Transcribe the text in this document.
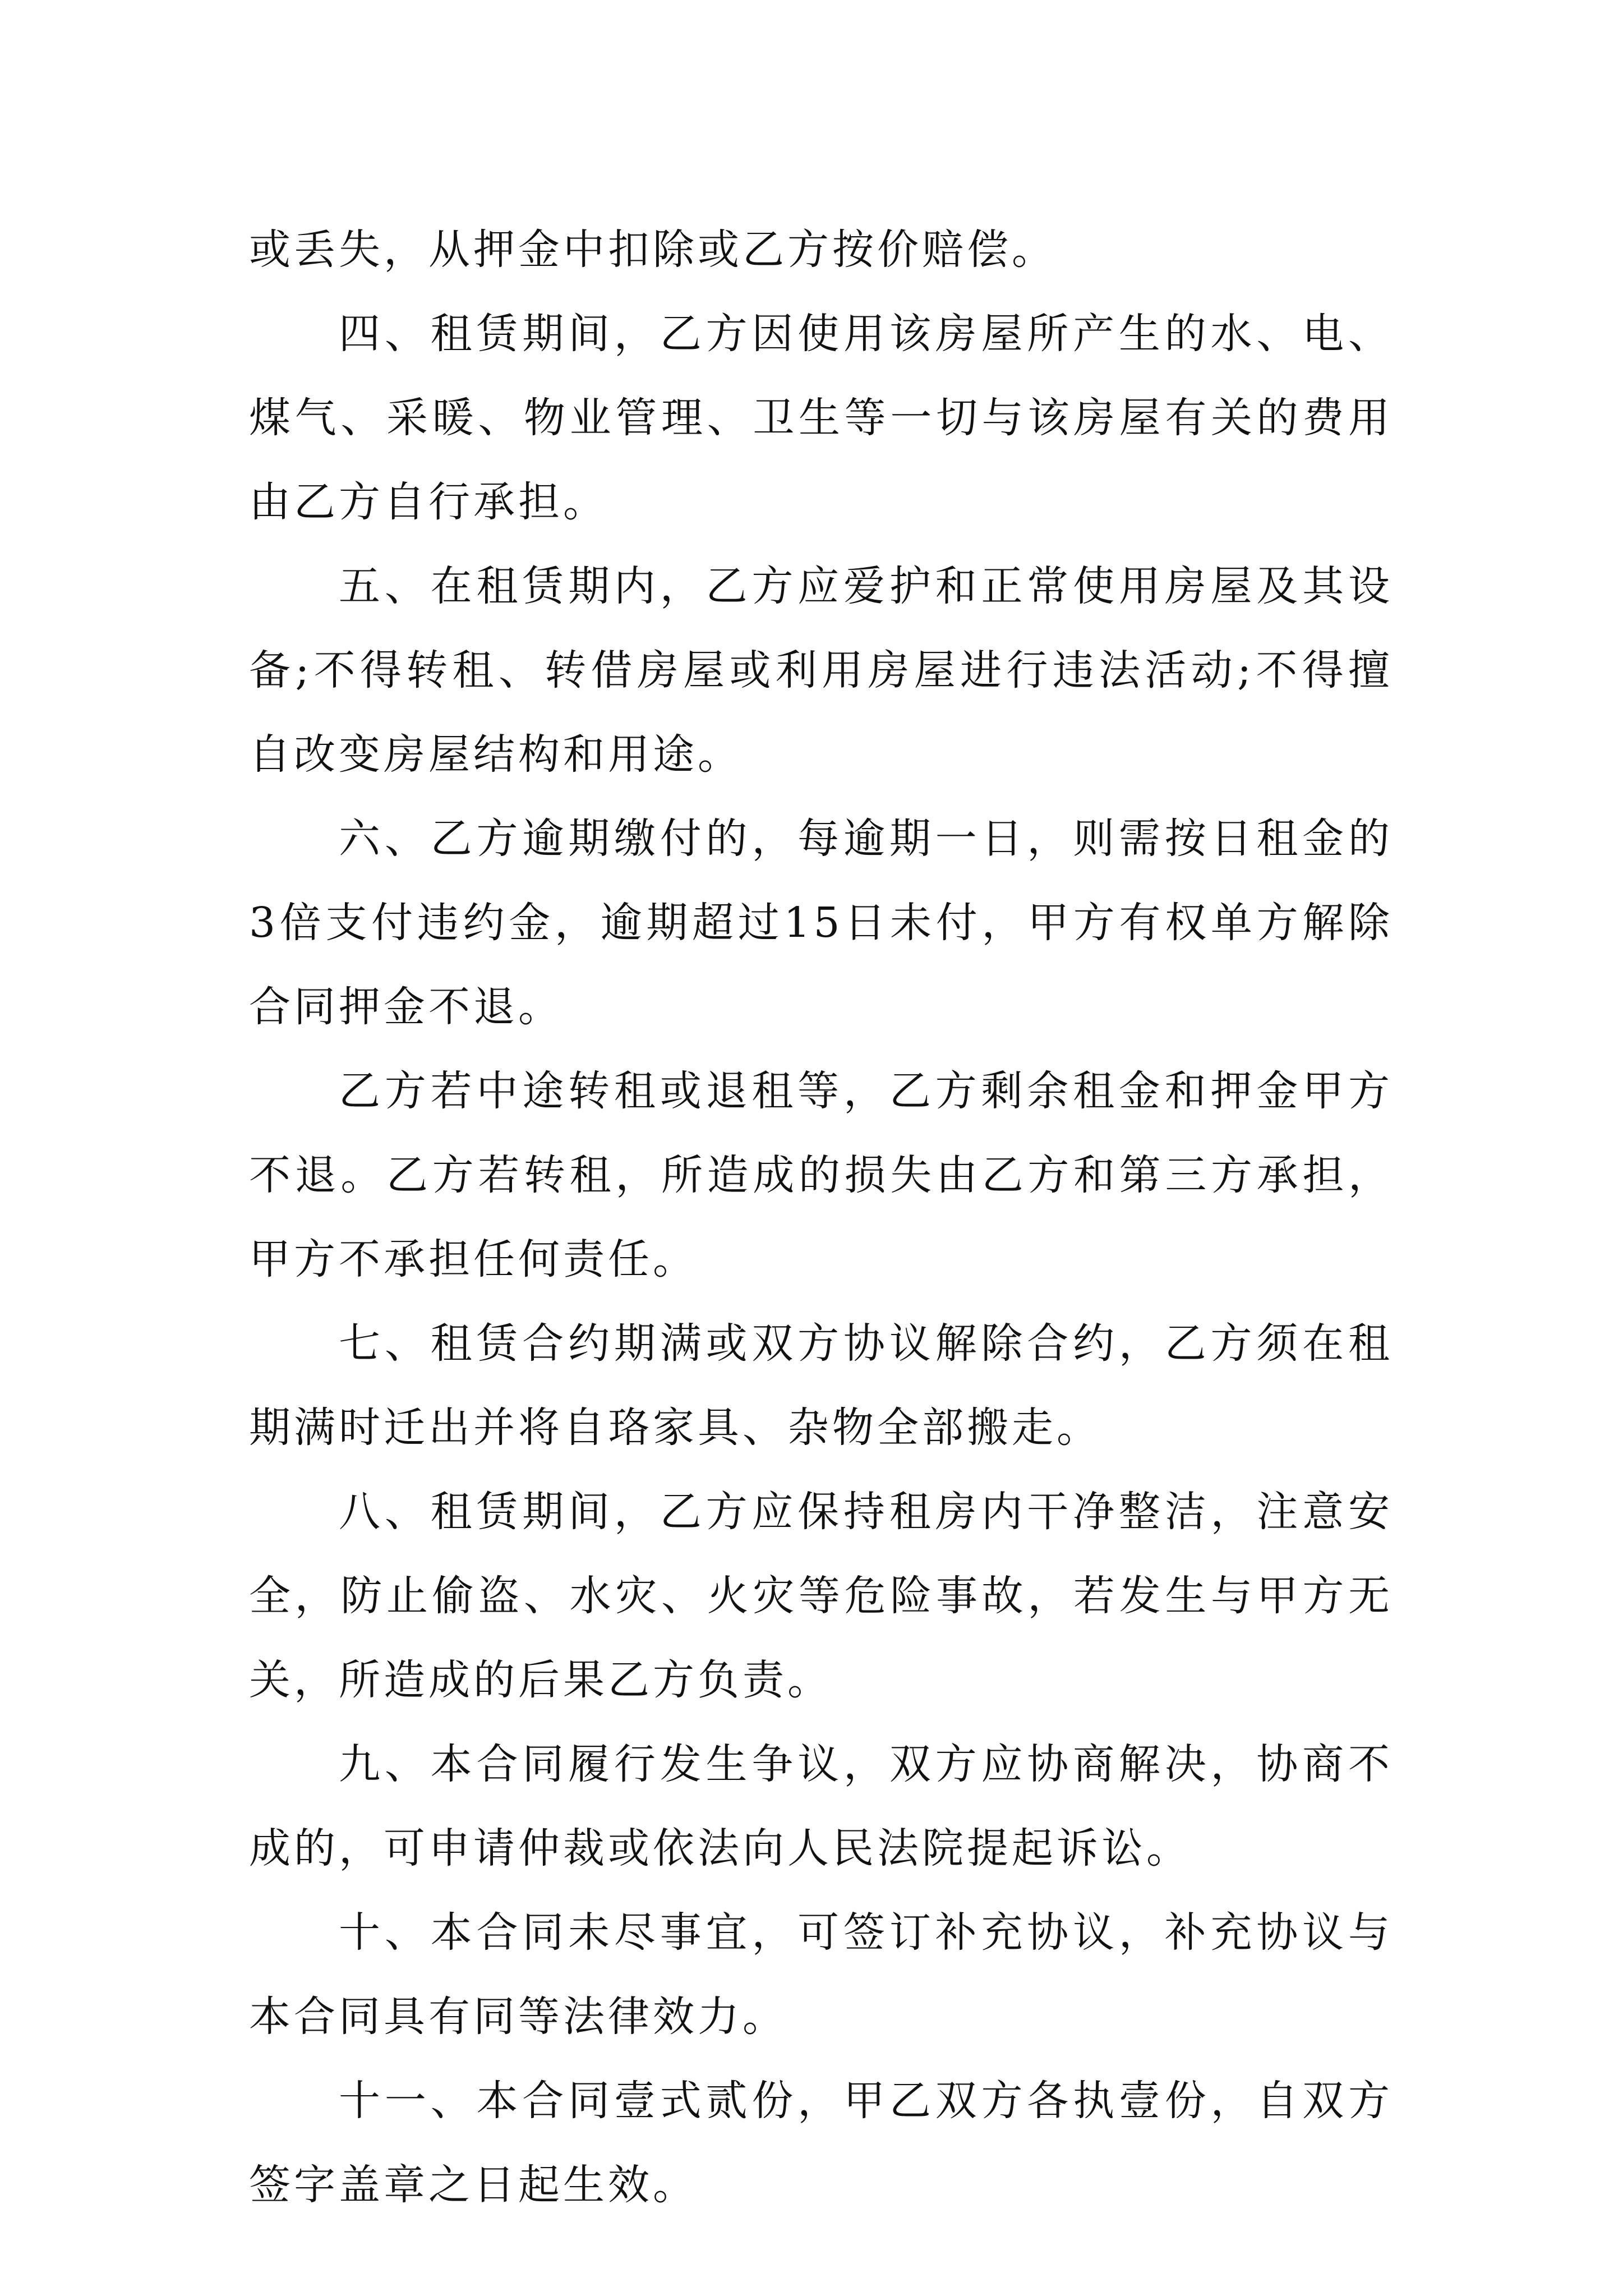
或丢失，从押金中扣除或乙方按价赔偿。

四、租赁期间，乙方因使用该房屋所产生的水、电、煤气、采暖、物业管理、卫生等一切与该房屋有关的费用由乙方自行承担。

五、在租赁期内，乙方应爱护和正常使用房屋及其设备;不得转租、转借房屋或利用房屋进行违法活动;不得擅自改变房屋结构和用途。

六、乙方逾期缴付的，每逾期一日，则需按日租金的3倍支付违约金，逾期超过15日未付，甲方有权单方解除合同押金不退。

乙方若中途转租或退租等，乙方剩余租金和押金甲方不退。乙方若转租，所造成的损失由乙方和第三方承担，甲方不承担任何责任。

七、租赁合约期满或双方协议解除合约，乙方须在租期满时迁出并将自珞家具、杂物全部搬走。

八、租赁期间，乙方应保持租房内干净整洁，注意安全，防止偷盗、水灾、火灾等危险事故，若发生与甲方无关，所造成的后果乙方负责。

九、本合同履行发生争议，双方应协商解决，协商不成的，可申请仲裁或依法向人民法院提起诉讼。

十、本合同未尽事宜，可签订补充协议，补充协议与本合同具有同等法律效力。

十一、本合同壹式贰份，甲乙双方各执壹份，自双方签字盖章之日起生效。
